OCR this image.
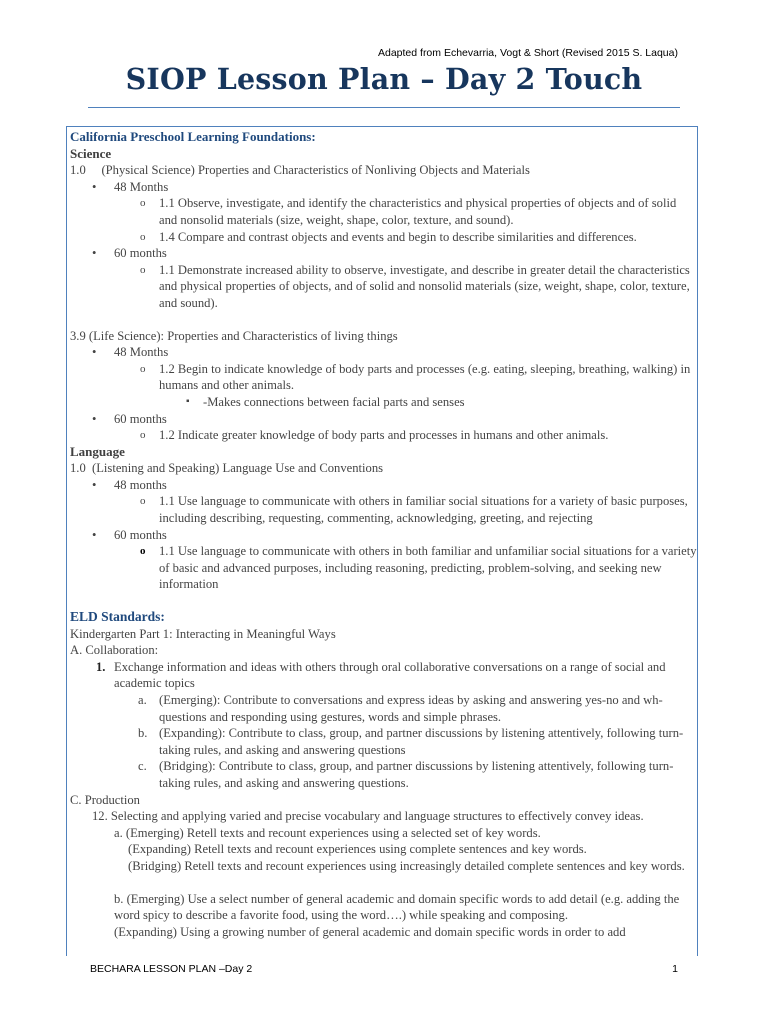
Adapted from Echevarria, Vogt & Short (Revised 2015 S. Laqua)
SIOP Lesson Plan – Day 2 Touch

California Preschool Learning Foundations:

Science

1.0     (Physical Science) Properties and Characteristics of Nonliving Objects and Materials

• 48 Months
o 1.1 Observe, investigate, and identify the characteristics and physical properties of objects and of solid and nonsolid materials (size, weight, shape, color, texture, and sound).
o 1.4 Compare and contrast objects and events and begin to describe similarities and differences.
• 60 months
o 1.1 Demonstrate increased ability to observe, investigate, and describe in greater detail the characteristics and physical properties of objects, and of solid and nonsolid materials (size, weight, shape, color, texture, and sound).

3.9 (Life Science): Properties and Characteristics of living things

• 48 Months
o 1.2 Begin to indicate knowledge of body parts and processes (e.g. eating, sleeping, breathing, walking) in humans and other animals.
▪ -Makes connections between facial parts and senses
• 60 months
o 1.2 Indicate greater knowledge of body parts and processes in humans and other animals.

Language

1.0  (Listening and Speaking) Language Use and Conventions

• 48 months
o 1.1 Use language to communicate with others in familiar social situations for a variety of basic purposes, including describing, requesting, commenting, acknowledging, greeting, and rejecting
• 60 months
o 1.1 Use language to communicate with others in both familiar and unfamiliar social situations for a variety of basic and advanced purposes, including reasoning, predicting, problem-solving, and seeking new information

ELD Standards:

Kindergarten Part 1: Interacting in Meaningful Ways

A. Collaboration:

1. Exchange information and ideas with others through oral collaborative conversations on a range of social and academic topics
a. (Emerging): Contribute to conversations and express ideas by asking and answering yes-no and wh-questions and responding using gestures, words and simple phrases.
b. (Expanding): Contribute to class, group, and partner discussions by listening attentively, following turn-taking rules, and asking and answering questions
c. (Bridging): Contribute to class, group, and partner discussions by listening attentively, following turn-taking rules, and asking and answering questions.

C. Production

12. Selecting and applying varied and precise vocabulary and language structures to effectively convey ideas.

a. (Emerging) Retell texts and recount experiences using a selected set of key words.

(Expanding) Retell texts and recount experiences using complete sentences and key words.

(Bridging) Retell texts and recount experiences using increasingly detailed complete sentences and key words.

b. (Emerging) Use a select number of general academic and domain specific words to add detail (e.g. adding the word spicy to describe a favorite food, using the word….) while speaking and composing.

(Expanding) Using a growing number of general academic and domain specific words in order to add

BECHARA LESSON PLAN –Day 2	1
